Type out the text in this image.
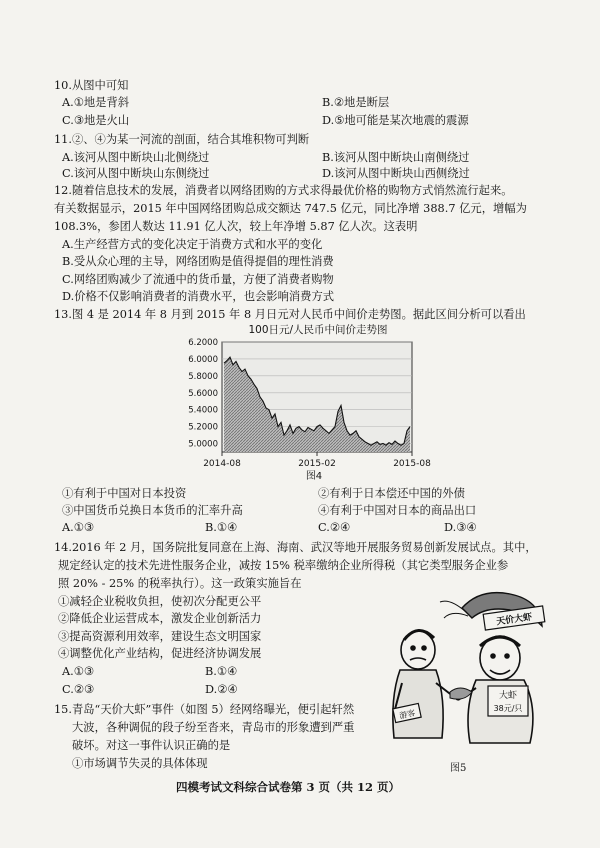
10.从图中可知
A.①地是背斜	B.②地是断层
C.③地是火山	D.⑤地可能是某次地震的震源
11.②、④为某一河流的剖面，结合其堆积物可判断
A.该河从图中断块山北侧绕过	B.该河从图中断块山南侧绕过
C.该河从图中断块山东侧绕过	D.该河从图中断块山西侧绕过
12.随着信息技术的发展，消费者以网络团购的方式求得最优价格的购物方式悄然流行起来。
有关数据显示，2015 年中国网络团购总成交额达 747.5 亿元，同比净增 388.7 亿元，增幅为
108.3%，参团人数达 11.91 亿人次，较上年净增 5.87 亿人次。这表明
A.生产经营方式的变化决定于消费方式和水平的变化
B.受从众心理的主导，网络团购是值得提倡的理性消费
C.网络团购减少了流通中的货币量，方便了消费者购物
D.价格不仅影响消费者的消费水平，也会影响消费方式
13.图 4 是 2014 年 8 月到 2015 年 8 月日元对人民币中间价走势图。据此区间分析可以看出
100日元/人民币中间价走势图
6.2000
6.0000
5.8000
5.6000
5.4000
5.2000
5.0000
2014-08	2015-02	2015-08
图4
①有利于中国对日本投资	②有利于日本偿还中国的外债
③中国货币兑换日本货币的汇率升高	④有利于中国对日本的商品出口
A.①③	B.①④	C.②④	D.③④
14.2016 年 2 月，国务院批复同意在上海、海南、武汉等地开展服务贸易创新发展试点。其中，
规定经认定的技术先进性服务企业，减按 15% 税率缴纳企业所得税（其它类型服务企业参
照 20% - 25% 的税率执行）。这一政策实施旨在
①减轻企业税收负担，使初次分配更公平
②降低企业运营成本，激发企业创新活力
③提高资源利用效率，建设生态文明国家
④调整优化产业结构，促进经济协调发展
A.①③	B.①④
C.②③	D.②④
15.青岛“天价大虾”事件（如图 5）经网络曝光，便引起轩然
大波，各种调侃的段子纷至沓来，青岛市的形象遭到严重
破坏。对这一事件认识正确的是
①市场调节失灵的具体体现
游客
天价大虾
大虾
38元/只
图5
四模考试文科综合试卷第 3 页（共 12 页）
